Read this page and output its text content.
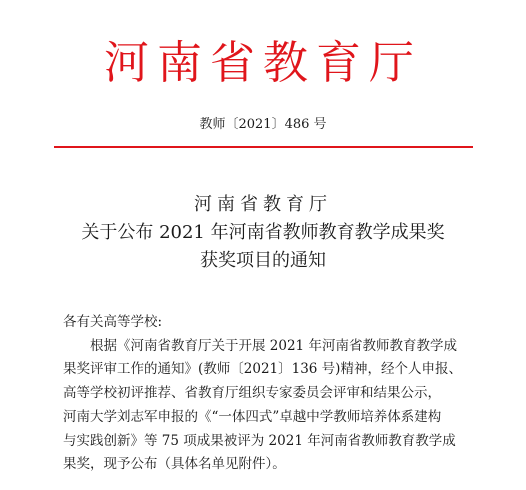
河南省教育厅
教师〔2021〕486 号
河南省教育厅
关于公布 2021 年河南省教师教育教学成果奖
获奖项目的通知
各有关高等学校:
根据《河南省教育厅关于开展 2021 年河南省教师教育教学成
果奖评审工作的通知》(教师〔2021〕136 号)精神，经个人申报、
高等学校初评推荐、省教育厅组织专家委员会评审和结果公示，
河南大学刘志军申报的《“一体四式”卓越中学教师培养体系建构
与实践创新》等 75 项成果被评为 2021 年河南省教师教育教学成
果奖，现予公布（具体名单见附件）。
